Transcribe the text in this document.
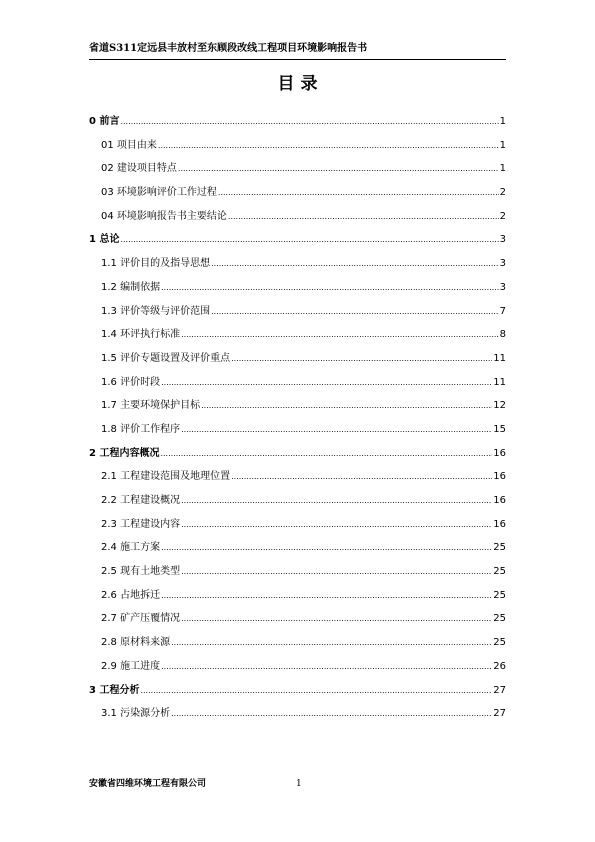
省道S311定远县丰放村至东顾段改线工程项目环境影响报告书
目 录
0 前言 .....	1
01 项目由来 .....	1
02 建设项目特点 .....	1
03 环境影响评价工作过程 .....	2
04 环境影响报告书主要结论 .....	2
1 总论 .....	3
1.1 评价目的及指导思想 .....	3
1.2 编制依据 .....	3
1.3 评价等级与评价范围 .....	7
1.4 环评执行标准 .....	8
1.5 评价专题设置及评价重点 .....	11
1.6 评价时段 .....	11
1.7 主要环境保护目标 .....	12
1.8 评价工作程序 .....	15
2 工程内容概况 .....	16
2.1 工程建设范围及地理位置 .....	16
2.2 工程建设概况 .....	16
2.3 工程建设内容 .....	16
2.4 施工方案 .....	25
2.5 现有土地类型 .....	25
2.6 占地拆迁 .....	25
2.7 矿产压覆情况 .....	25
2.8 原材料来源 .....	25
2.9 施工进度 .....	26
3 工程分析 .....	27
3.1 污染源分析 .....	27
安徽省四维环境工程有限公司	1
